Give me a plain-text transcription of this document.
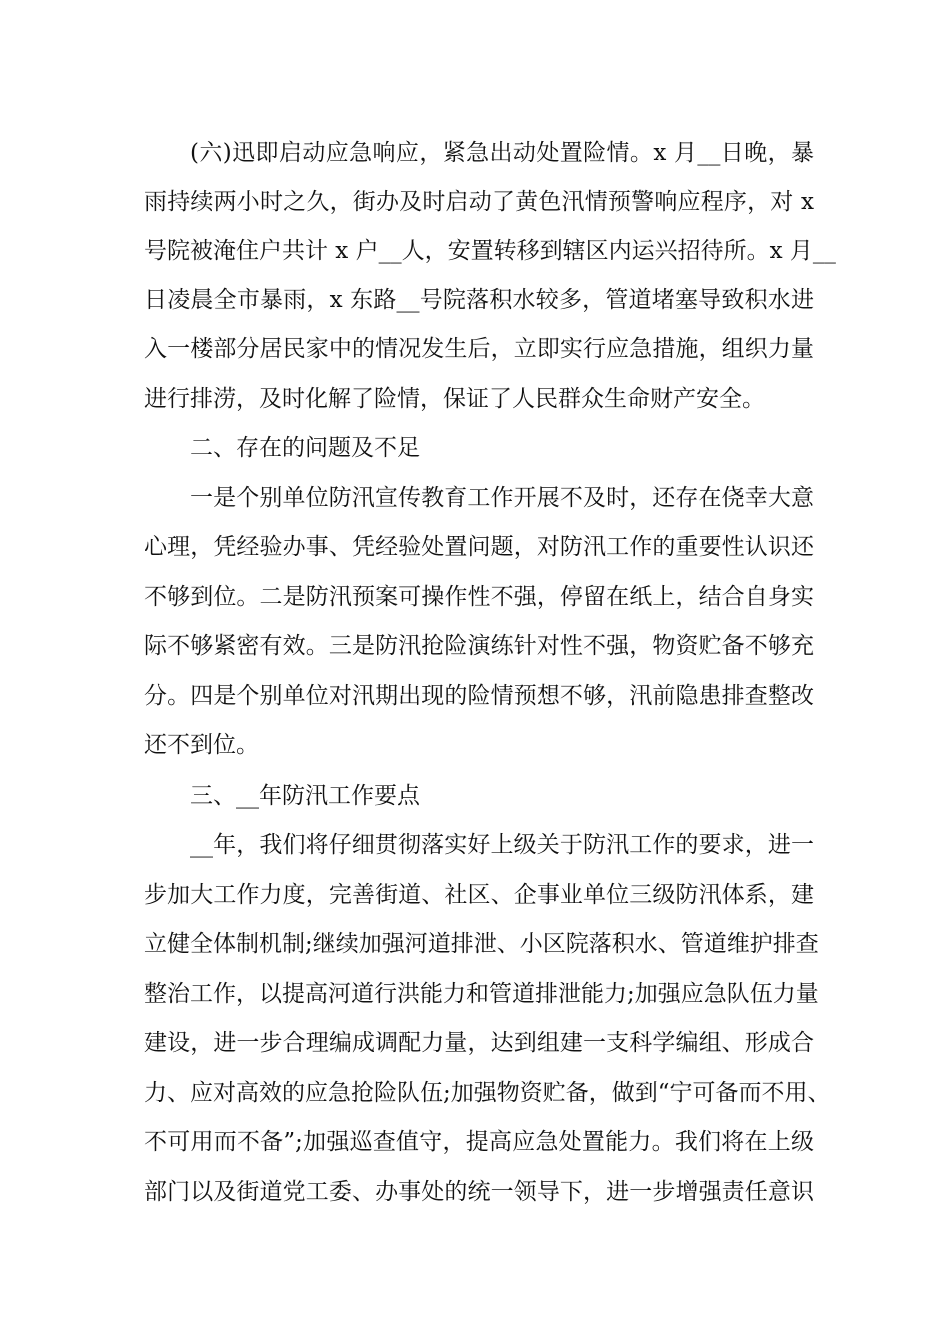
(六)迅即启动应急响应，紧急出动处置险情。x 月__日晚，暴
雨持续两小时之久，街办及时启动了黄色汛情预警响应程序，对 x
号院被淹住户共计 x 户__人，安置转移到辖区内运兴招待所。x 月__
日凌晨全市暴雨，x 东路__号院落积水较多，管道堵塞导致积水进
入一楼部分居民家中的情况发生后，立即实行应急措施，组织力量
进行排涝，及时化解了险情，保证了人民群众生命财产安全。
二、存在的问题及不足
一是个别单位防汛宣传教育工作开展不及时，还存在侥幸大意
心理，凭经验办事、凭经验处置问题，对防汛工作的重要性认识还
不够到位。二是防汛预案可操作性不强，停留在纸上，结合自身实
际不够紧密有效。三是防汛抢险演练针对性不强，物资贮备不够充
分。四是个别单位对汛期出现的险情预想不够，汛前隐患排查整改
还不到位。
三、__年防汛工作要点
__年，我们将仔细贯彻落实好上级关于防汛工作的要求，进一
步加大工作力度，完善街道、社区、企事业单位三级防汛体系，建
立健全体制机制;继续加强河道排泄、小区院落积水、管道维护排查
整治工作，以提高河道行洪能力和管道排泄能力;加强应急队伍力量
建设，进一步合理编成调配力量，达到组建一支科学编组、形成合
力、应对高效的应急抢险队伍;加强物资贮备，做到“宁可备而不用、
不可用而不备”;加强巡查值守，提高应急处置能力。我们将在上级
部门以及街道党工委、办事处的统一领导下，进一步增强责任意识
